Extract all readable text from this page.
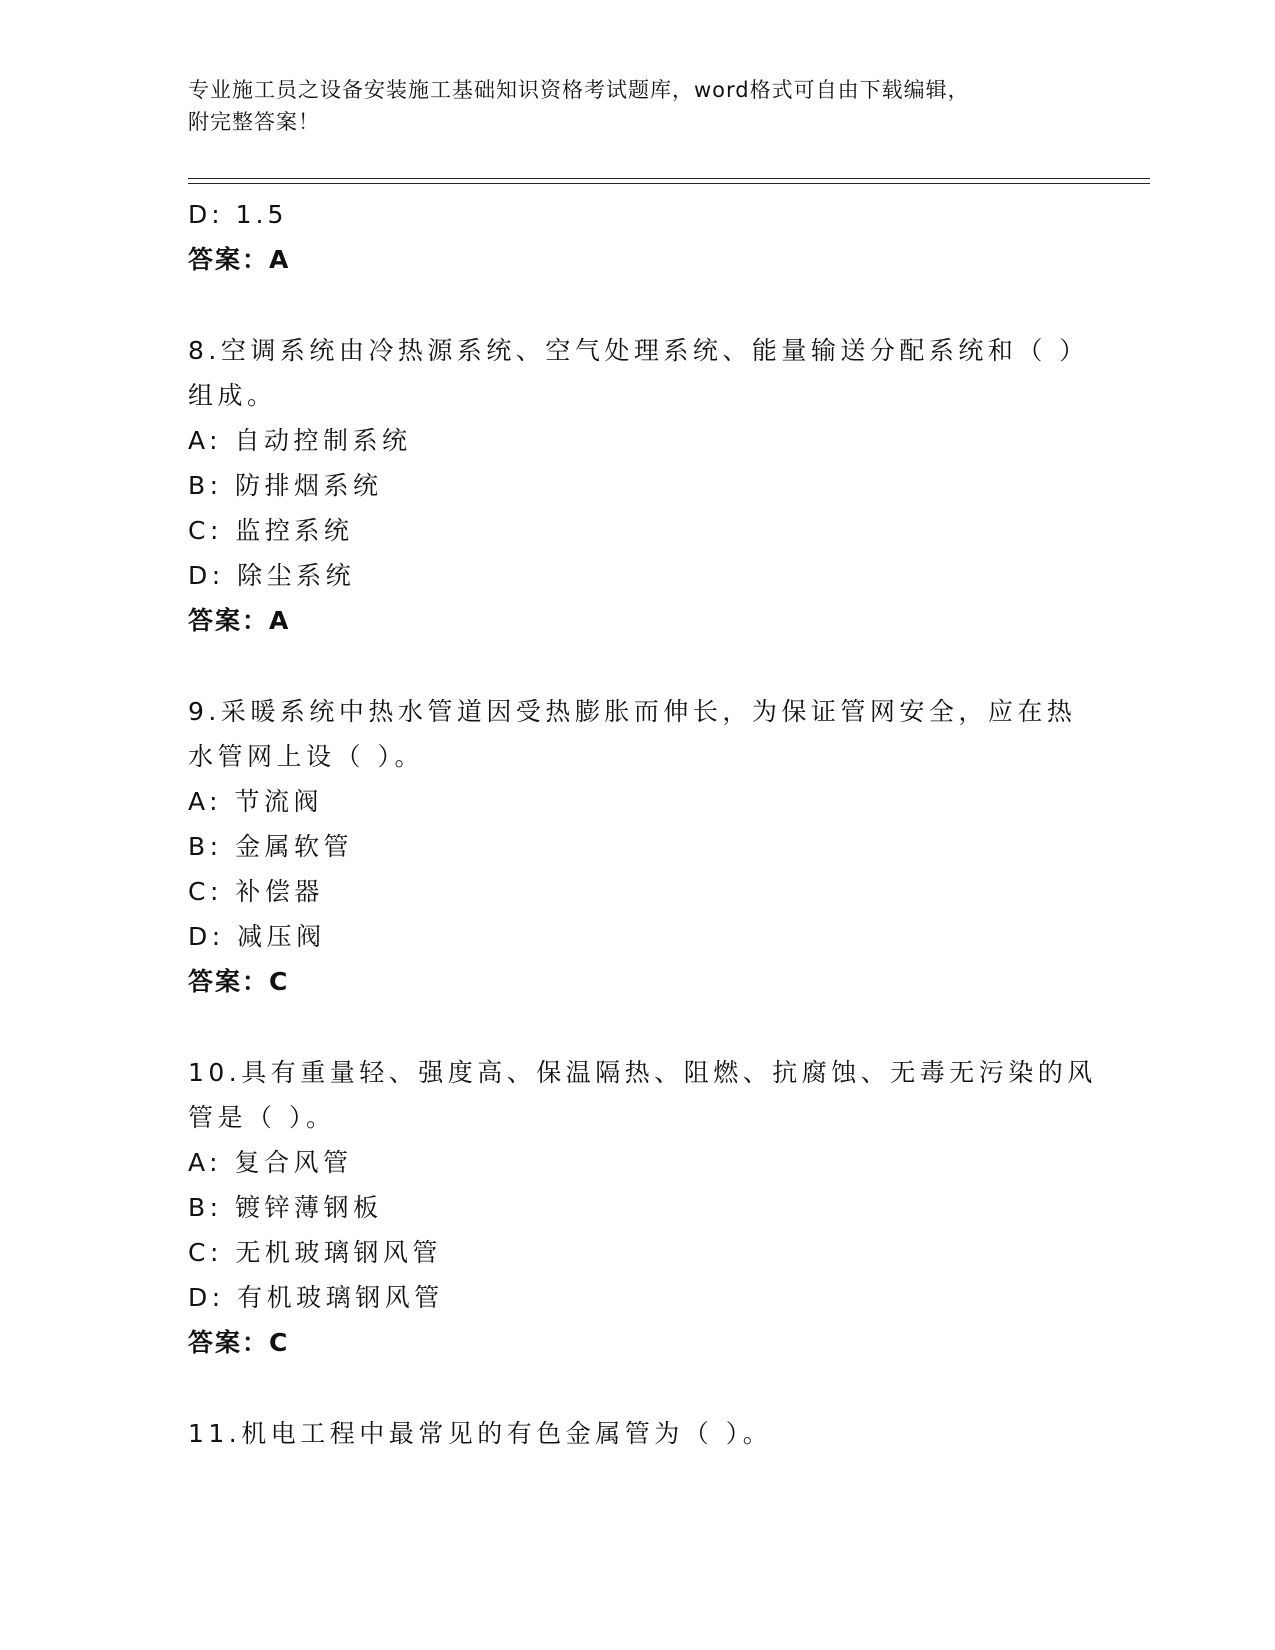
专业施工员之设备安装施工基础知识资格考试题库，word格式可自由下载编辑，
附完整答案！
D: 1.5
答案：A
8.空调系统由冷热源系统、空气处理系统、能量输送分配系统和（ ）
组成。
A: 自动控制系统
B: 防排烟系统
C: 监控系统
D: 除尘系统
答案：A
9.采暖系统中热水管道因受热膨胀而伸长，为保证管网安全，应在热
水管网上设（ ）。
A: 节流阀
B: 金属软管
C: 补偿器
D: 减压阀
答案：C
10.具有重量轻、强度高、保温隔热、阻燃、抗腐蚀、无毒无污染的风
管是（ ）。
A: 复合风管
B: 镀锌薄钢板
C: 无机玻璃钢风管
D: 有机玻璃钢风管
答案：C
11.机电工程中最常见的有色金属管为（ ）。
